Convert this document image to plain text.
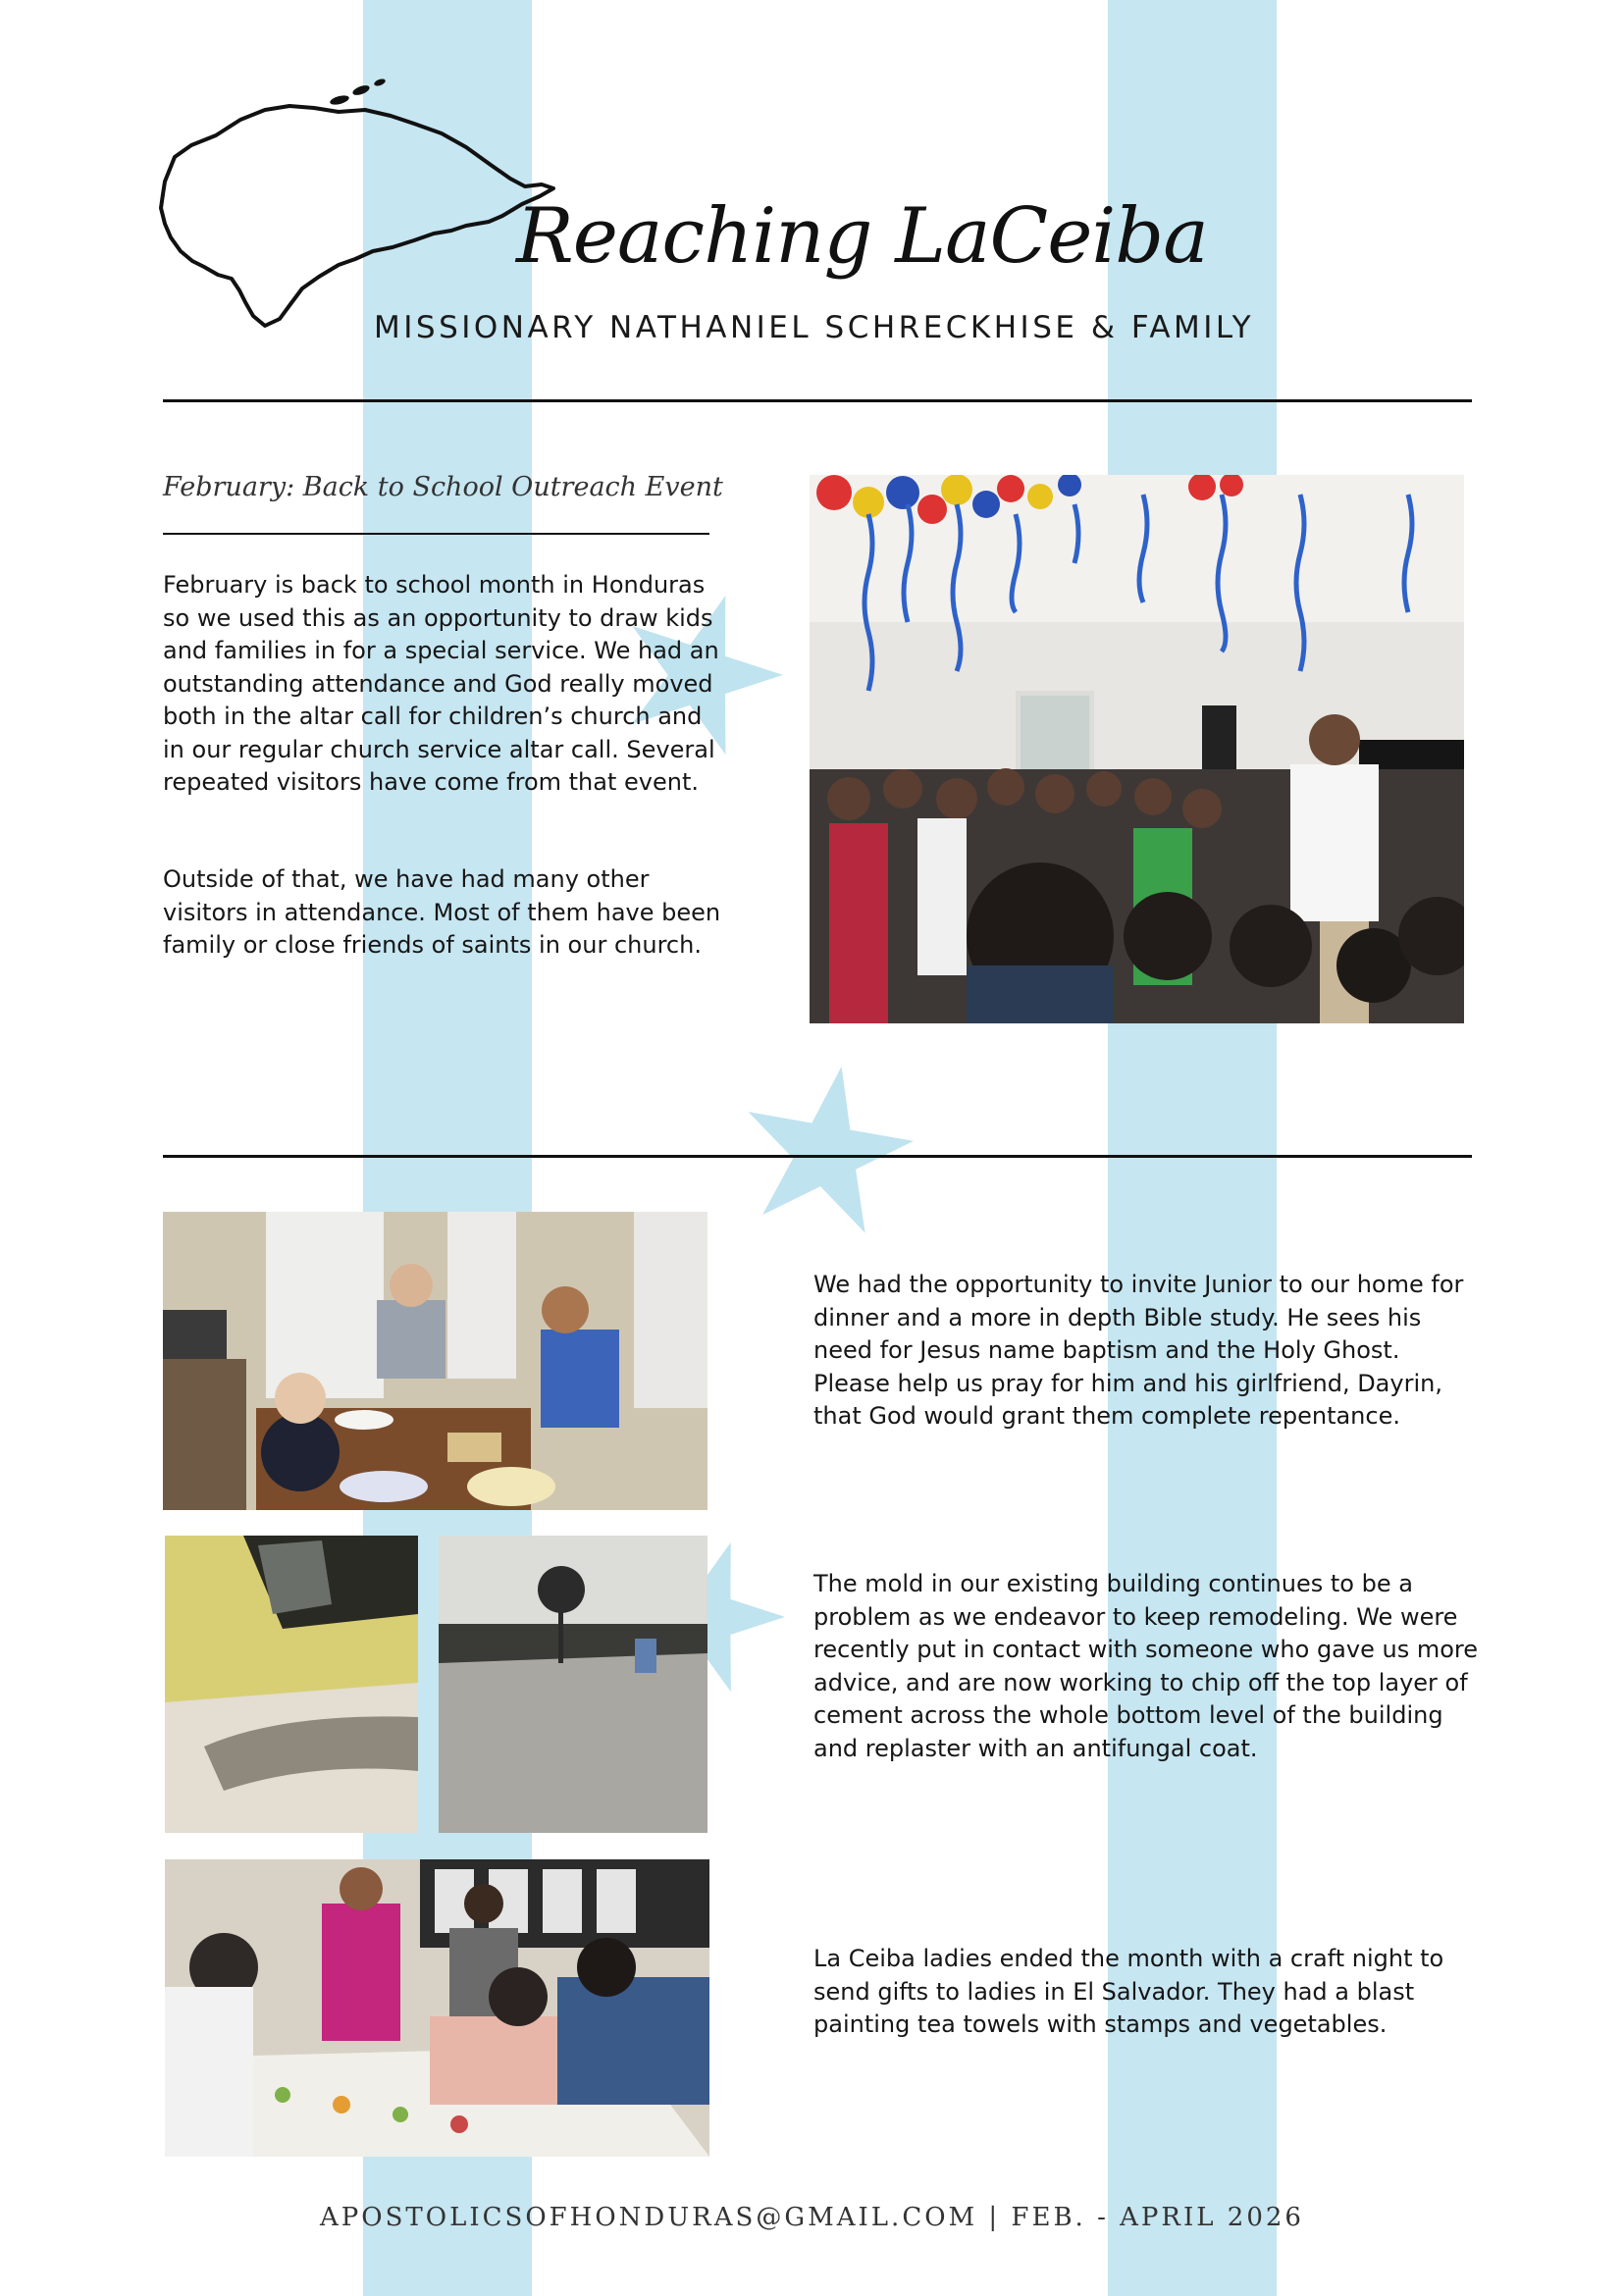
Reaching LaCeiba
MISSIONARY NATHANIEL SCHRECKHISE & FAMILY
February: Back to School Outreach Event

February is back to school month in Honduras so we used this as an opportunity to draw kids and families in for a special service. We had an outstanding attendance and God really moved both in the altar call for children’s church and in our regular church service altar call. Several repeated visitors have come from that event.

Outside of that, we have had many other visitors in attendance. Most of them have been family or close friends of saints in our church.

We had the opportunity to invite Junior to our home for dinner and a more in depth Bible study. He sees his need for Jesus name baptism and the Holy Ghost. Please help us pray for him and his girlfriend, Dayrin, that God would grant them complete repentance.

The mold in our existing building continues to be a problem as we endeavor to keep remodeling. We were recently put in contact with someone who gave us more advice, and are now working to chip off the top layer of cement across the whole bottom level of the building and replaster with an antifungal coat.

La Ceiba ladies ended the month with a craft night to send gifts to ladies in El Salvador. They had a blast painting tea towels with stamps and vegetables.

APOSTOLICSOFHONDURAS@GMAIL.COM | FEB. - APRIL 2026
